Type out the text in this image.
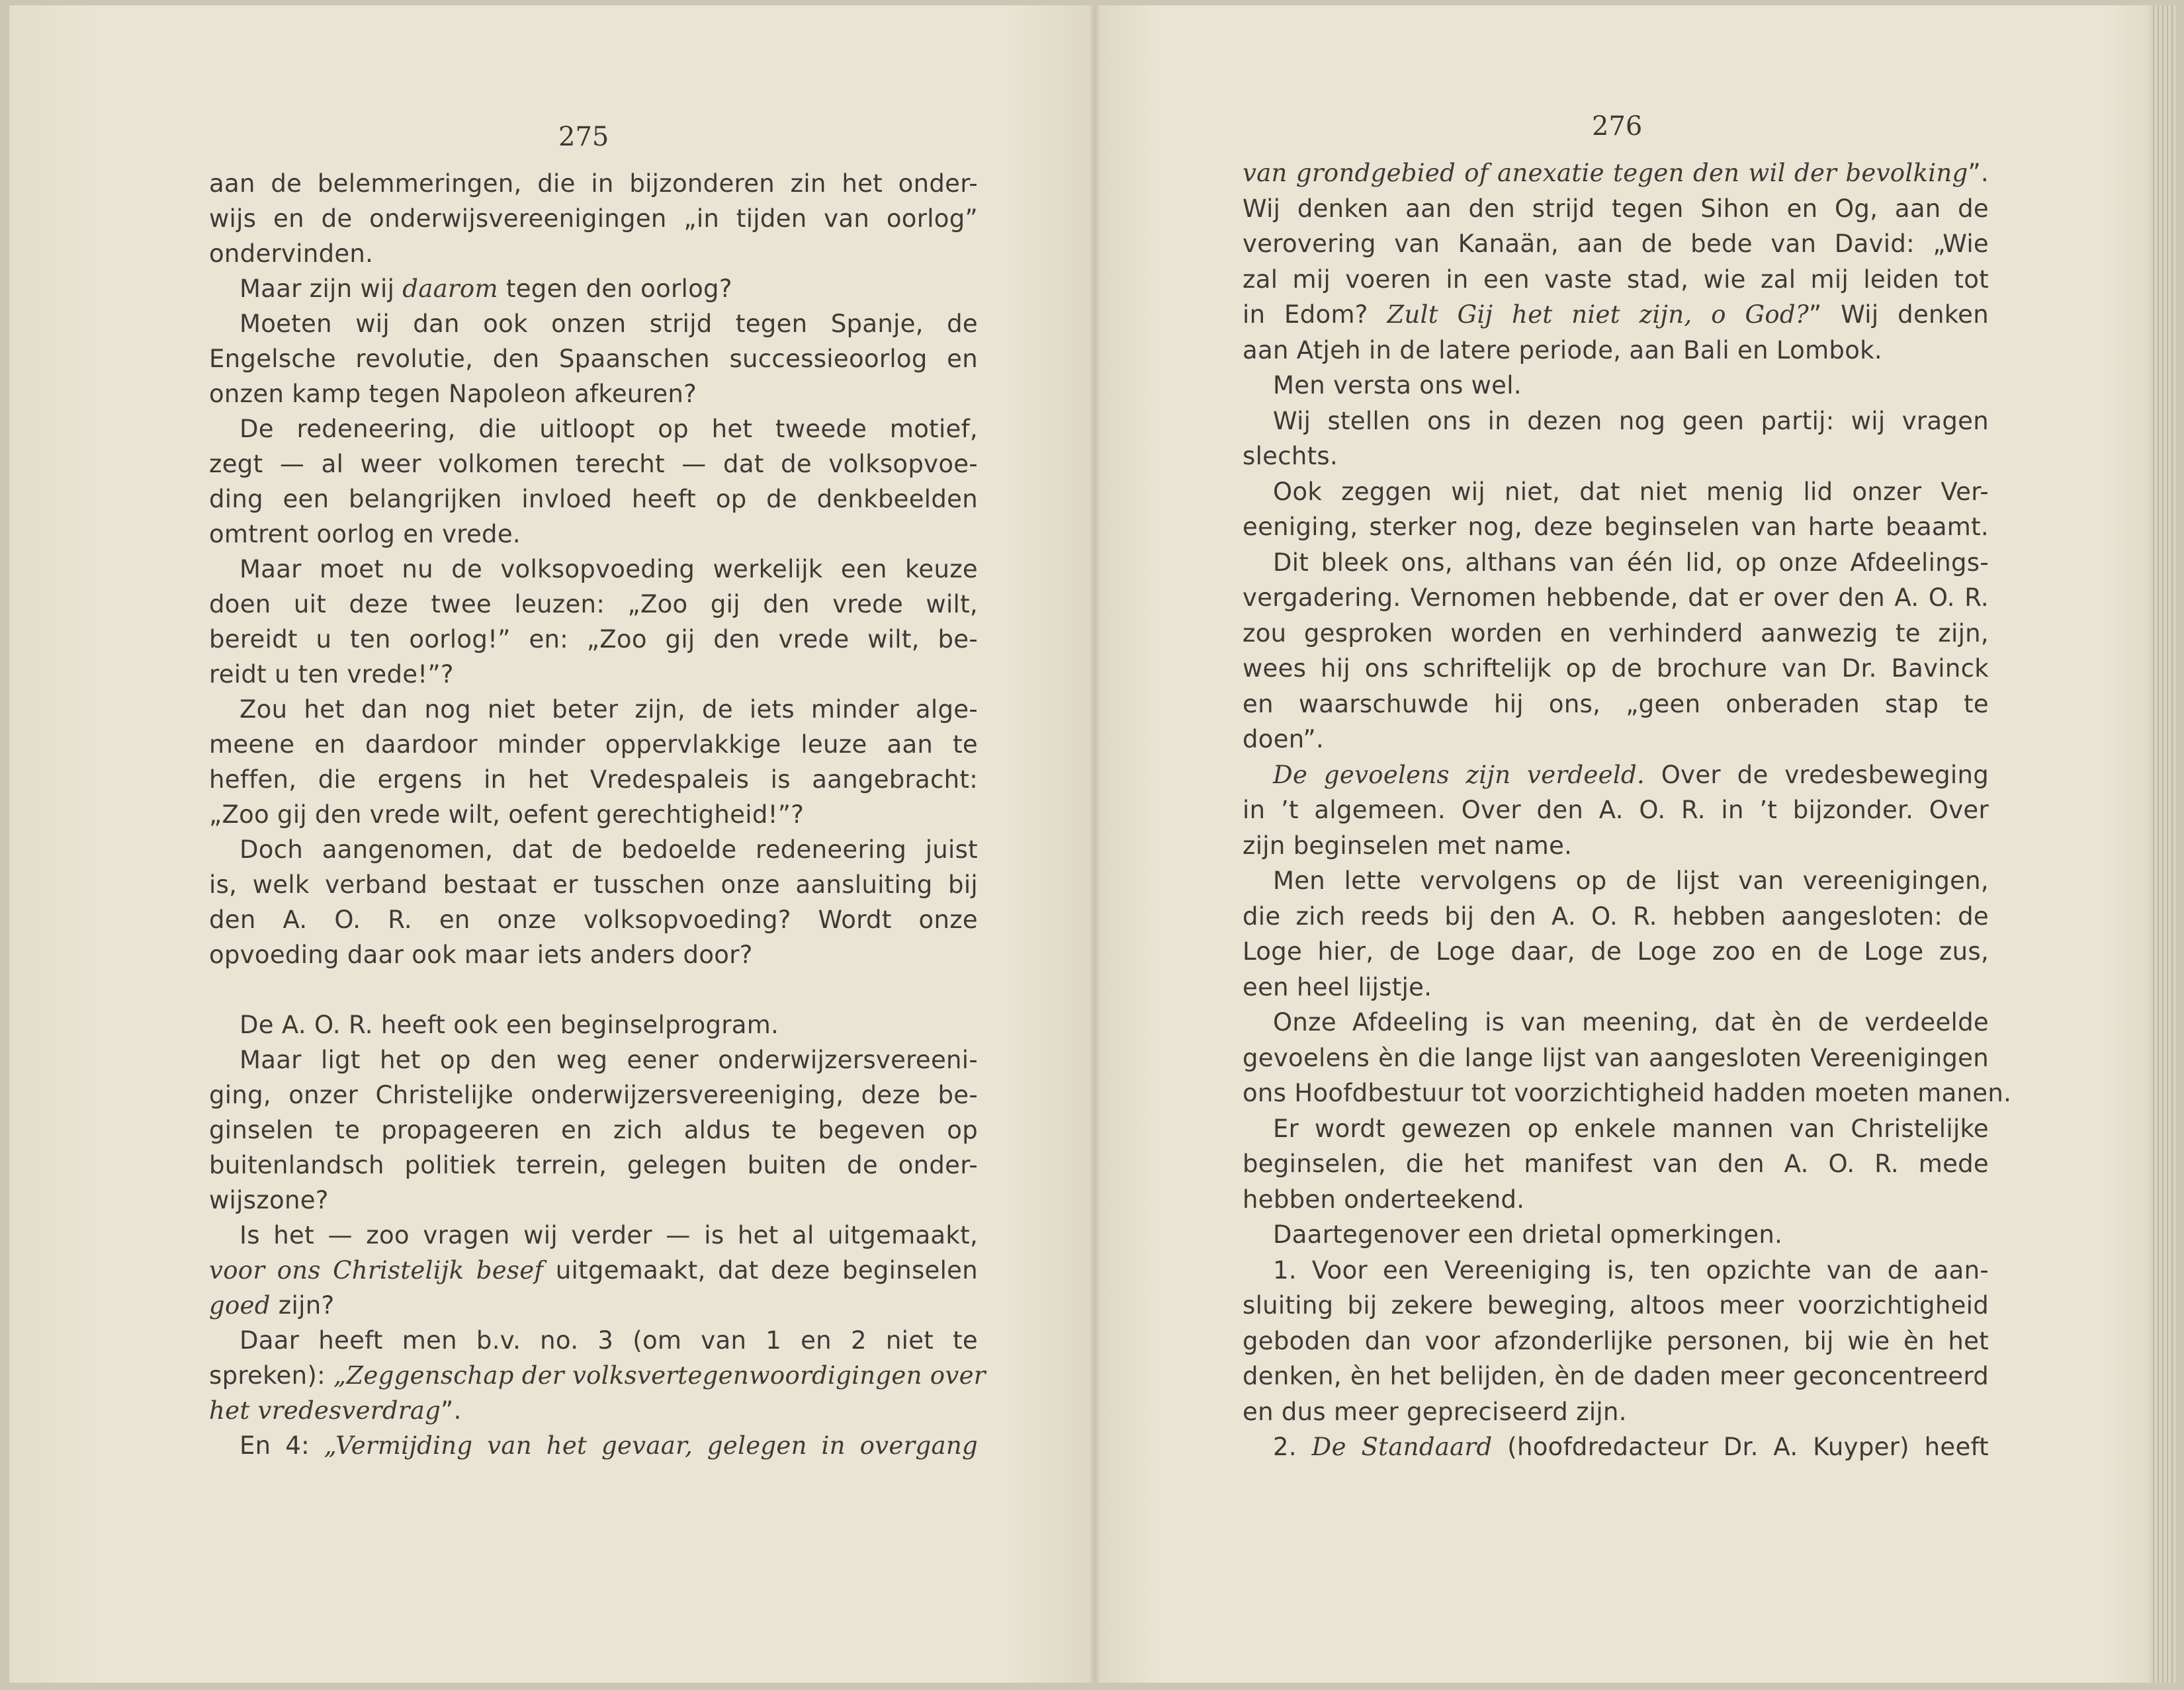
275
aan de belemmeringen, die in bijzonderen zin het onder-
wijs en de onderwijsvereenigingen „in tijden van oorlog”
ondervinden.
Maar zijn wij daarom tegen den oorlog?
Moeten wij dan ook onzen strijd tegen Spanje, de
Engelsche revolutie, den Spaanschen successieoorlog en
onzen kamp tegen Napoleon afkeuren?
De redeneering, die uitloopt op het tweede motief,
zegt — al weer volkomen terecht — dat de volksopvoe-
ding een belangrijken invloed heeft op de denkbeelden
omtrent oorlog en vrede.
Maar moet nu de volksopvoeding werkelijk een keuze
doen uit deze twee leuzen: „Zoo gij den vrede wilt,
bereidt u ten oorlog!” en: „Zoo gij den vrede wilt, be-
reidt u ten vrede!”?
Zou het dan nog niet beter zijn, de iets minder alge-
meene en daardoor minder oppervlakkige leuze aan te
heffen, die ergens in het Vredespaleis is aangebracht:
„Zoo gij den vrede wilt, oefent gerechtigheid!”?
Doch aangenomen, dat de bedoelde redeneering juist
is, welk verband bestaat er tusschen onze aansluiting bij
den A. O. R. en onze volksopvoeding? Wordt onze
opvoeding daar ook maar iets anders door?
De A. O. R. heeft ook een beginselprogram.
Maar ligt het op den weg eener onderwijzersvereeni-
ging, onzer Christelijke onderwijzersvereeniging, deze be-
ginselen te propageeren en zich aldus te begeven op
buitenlandsch politiek terrein, gelegen buiten de onder-
wijszone?
Is het — zoo vragen wij verder — is het al uitgemaakt,
voor ons Christelijk besef uitgemaakt, dat deze beginselen
goed zijn?
Daar heeft men b.v. no. 3 (om van 1 en 2 niet te
spreken): „Zeggenschap der volksvertegenwoordigingen over
het vredesverdrag”.
En 4: „Vermijding van het gevaar, gelegen in overgang
276
van grondgebied of anexatie tegen den wil der bevolking”.
Wij denken aan den strijd tegen Sihon en Og, aan de
verovering van Kanaän, aan de bede van David: „Wie
zal mij voeren in een vaste stad, wie zal mij leiden tot
in Edom? Zult Gij het niet zijn, o God?” Wij denken
aan Atjeh in de latere periode, aan Bali en Lombok.
Men versta ons wel.
Wij stellen ons in dezen nog geen partij: wij vragen
slechts.
Ook zeggen wij niet, dat niet menig lid onzer Ver-
eeniging, sterker nog, deze beginselen van harte beaamt.
Dit bleek ons, althans van één lid, op onze Afdeelings-
vergadering. Vernomen hebbende, dat er over den A. O. R.
zou gesproken worden en verhinderd aanwezig te zijn,
wees hij ons schriftelijk op de brochure van Dr. Bavinck
en waarschuwde hij ons, „geen onberaden stap te
doen”.
De gevoelens zijn verdeeld. Over de vredesbeweging
in ’t algemeen. Over den A. O. R. in ’t bijzonder. Over
zijn beginselen met name.
Men lette vervolgens op de lijst van vereenigingen,
die zich reeds bij den A. O. R. hebben aangesloten: de
Loge hier, de Loge daar, de Loge zoo en de Loge zus,
een heel lijstje.
Onze Afdeeling is van meening, dat èn de verdeelde
gevoelens èn die lange lijst van aangesloten Vereenigingen
ons Hoofdbestuur tot voorzichtigheid hadden moeten manen.
Er wordt gewezen op enkele mannen van Christelijke
beginselen, die het manifest van den A. O. R. mede
hebben onderteekend.
Daartegenover een drietal opmerkingen.
1. Voor een Vereeniging is, ten opzichte van de aan-
sluiting bij zekere beweging, altoos meer voorzichtigheid
geboden dan voor afzonderlijke personen, bij wie èn het
denken, èn het belijden, èn de daden meer geconcentreerd
en dus meer gepreciseerd zijn.
2. De Standaard (hoofdredacteur Dr. A. Kuyper) heeft
